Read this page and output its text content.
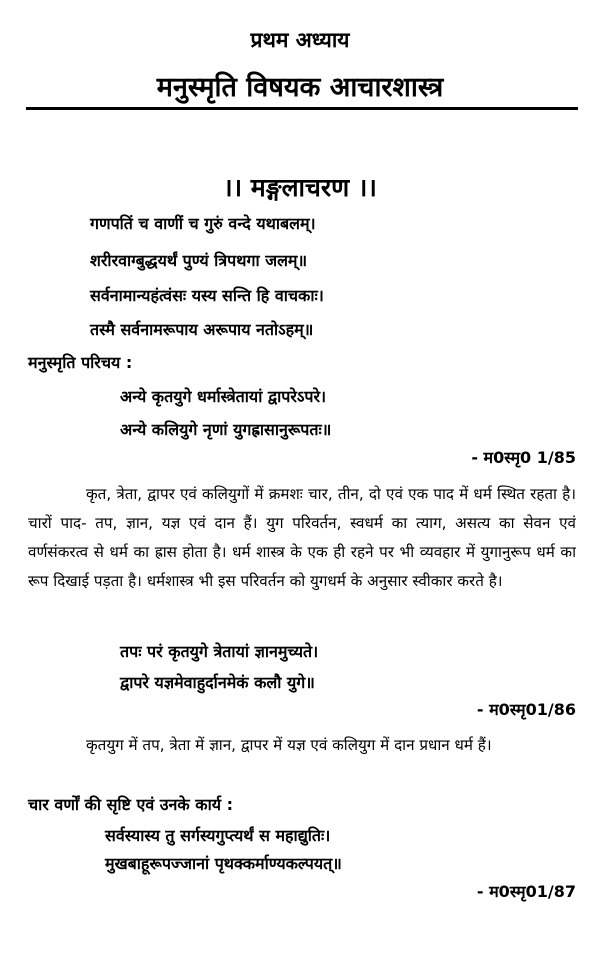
प्रथम अध्याय
मनुस्मृति विषयक आचारशास्त्र
।। मङ्गलाचरण ।।
गणपतिं च वाणीं च गुरुं वन्दे यथाबलम्।
शरीरवाग्बुद्धयर्थं पुण्यं त्रिपथगा जलम्॥
सर्वनामान्यहंत्वंसः यस्य सन्ति हि वाचकाः।
तस्मै सर्वनामरूपाय अरूपाय नतोऽहम्॥
मनुस्मृति परिचय :
अन्ये कृतयुगे धर्मास्त्रेतायां द्वापरेऽपरे।
अन्ये कलियुगे नृणां युगह्रासानुरूपतः॥
- म0स्मृ0 1/85
कृत, त्रेता, द्वापर एवं कलियुगों में क्रमशः चार, तीन, दो एवं एक पाद में धर्म स्थित रहता है। चारों पाद- तप, ज्ञान, यज्ञ एवं दान हैं। युग परिवर्तन, स्वधर्म का त्याग, असत्य का सेवन एवं वर्णसंकरत्व से धर्म का ह्रास होता है। धर्म शास्त्र के एक ही रहने पर भी व्यवहार में युगानुरूप धर्म का रूप दिखाई पड़ता है। धर्मशास्त्र भी इस परिवर्तन को युगधर्म के अनुसार स्वीकार करते है।
तपः परं कृतयुगे त्रेतायां ज्ञानमुच्यते।
द्वापरे यज्ञमेवाहुर्दानमेकं कलौ युगे॥
- म0स्मृ01/86
कृतयुग में तप, त्रेता में ज्ञान, द्वापर में यज्ञ एवं कलियुग में दान प्रधान धर्म हैं।
चार वर्णों की सृष्टि एवं उनके कार्य :
सर्वस्यास्य तु सर्गस्यगुप्त्यर्थं स महाद्युतिः।
मुखबाहूरूपज्जानां पृथक्कर्माण्यकल्पयत्॥
- म0स्मृ01/87
